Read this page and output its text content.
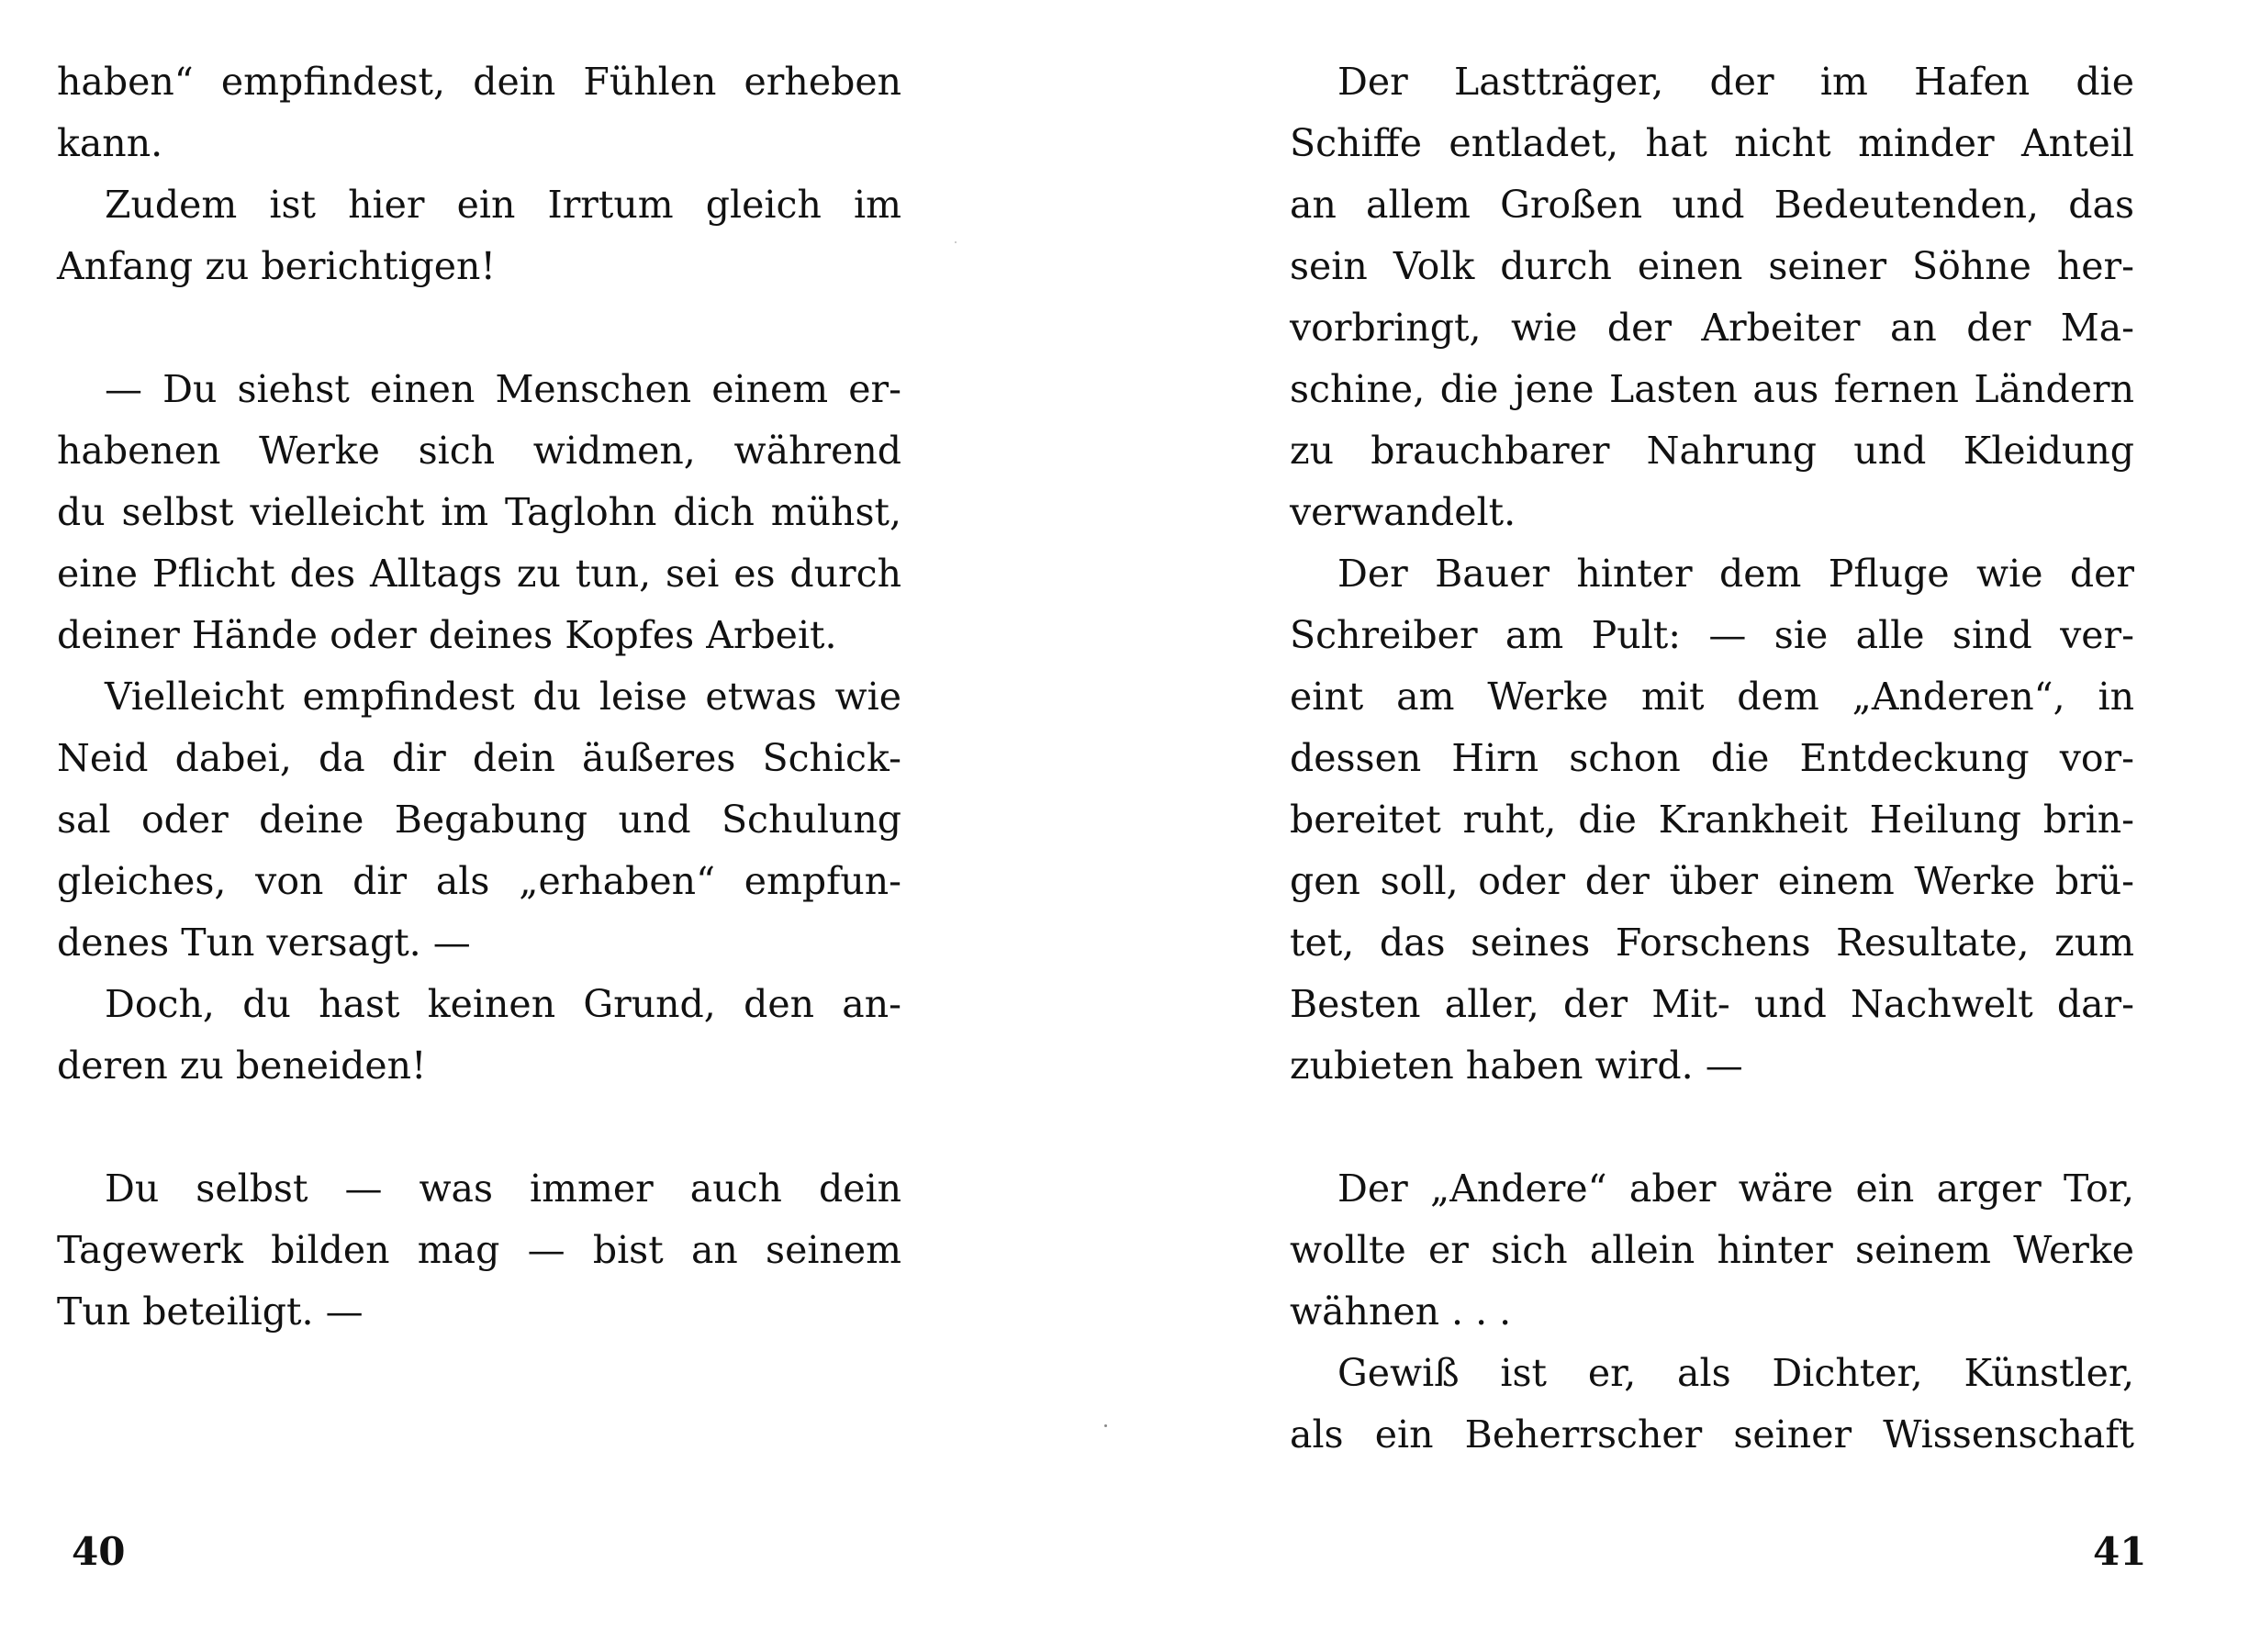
haben“ empfindest, dein Fühlen erheben
kann.
Zudem ist hier ein Irrtum gleich im
Anfang zu berichtigen!
— Du siehst einen Menschen einem er-
habenen Werke sich widmen, während
du selbst vielleicht im Taglohn dich mühst,
eine Pflicht des Alltags zu tun, sei es durch
deiner Hände oder deines Kopfes Arbeit.
Vielleicht empfindest du leise etwas wie
Neid dabei, da dir dein äußeres Schick-
sal oder deine Begabung und Schulung
gleiches, von dir als „erhaben“ empfun-
denes Tun versagt. —
Doch, du hast keinen Grund, den an-
deren zu beneiden!
Du selbst — was immer auch dein
Tagewerk bilden mag — bist an seinem
Tun beteiligt. —
40
Der Lastträger, der im Hafen die
Schiffe entladet, hat nicht minder Anteil
an allem Großen und Bedeutenden, das
sein Volk durch einen seiner Söhne her-
vorbringt, wie der Arbeiter an der Ma-
schine, die jene Lasten aus fernen Ländern
zu brauchbarer Nahrung und Kleidung
verwandelt.
Der Bauer hinter dem Pfluge wie der
Schreiber am Pult: — sie alle sind ver-
eint am Werke mit dem „Anderen“, in
dessen Hirn schon die Entdeckung vor-
bereitet ruht, die Krankheit Heilung brin-
gen soll, oder der über einem Werke brü-
tet, das seines Forschens Resultate, zum
Besten aller, der Mit- und Nachwelt dar-
zubieten haben wird. —
Der „Andere“ aber wäre ein arger Tor,
wollte er sich allein hinter seinem Werke
wähnen . . .
Gewiß ist er, als Dichter, Künstler,
als ein Beherrscher seiner Wissenschaft
41
